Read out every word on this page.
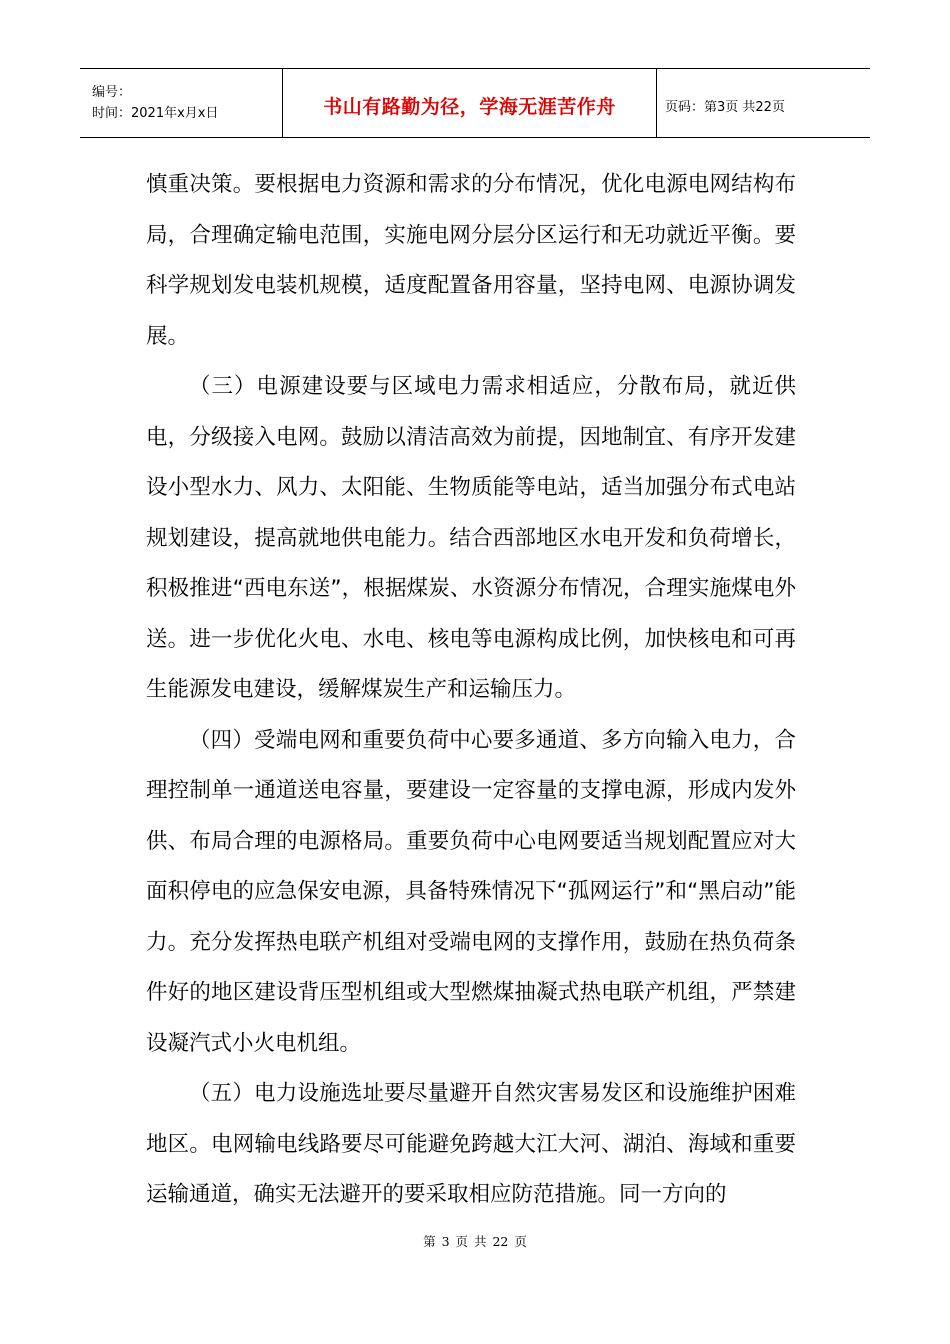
编号：
时间：2021年x月x日	书山有路勤为径，学海无涯苦作舟	页码：第3页 共22页

慎重决策。要根据电力资源和需求的分布情况，优化电源电网结构布局，合理确定输电范围，实施电网分层分区运行和无功就近平衡。要科学规划发电装机规模，适度配置备用容量，坚持电网、电源协调发展。

（三）电源建设要与区域电力需求相适应，分散布局，就近供电，分级接入电网。鼓励以清洁高效为前提，因地制宜、有序开发建设小型水力、风力、太阳能、生物质能等电站，适当加强分布式电站规划建设，提高就地供电能力。结合西部地区水电开发和负荷增长，积极推进“西电东送”，根据煤炭、水资源分布情况，合理实施煤电外送。进一步优化火电、水电、核电等电源构成比例，加快核电和可再生能源发电建设，缓解煤炭生产和运输压力。

（四）受端电网和重要负荷中心要多通道、多方向输入电力，合理控制单一通道送电容量，要建设一定容量的支撑电源，形成内发外供、布局合理的电源格局。重要负荷中心电网要适当规划配置应对大面积停电的应急保安电源，具备特殊情况下“孤网运行”和“黑启动”能力。充分发挥热电联产机组对受端电网的支撑作用，鼓励在热负荷条件好的地区建设背压型机组或大型燃煤抽凝式热电联产机组，严禁建设凝汽式小火电机组。

（五）电力设施选址要尽量避开自然灾害易发区和设施维护困难地区。电网输电线路要尽可能避免跨越大江大河、湖泊、海域和重要运输通道，确实无法避开的要采取相应防范措施。同一方向的

第 3 页 共 22 页
